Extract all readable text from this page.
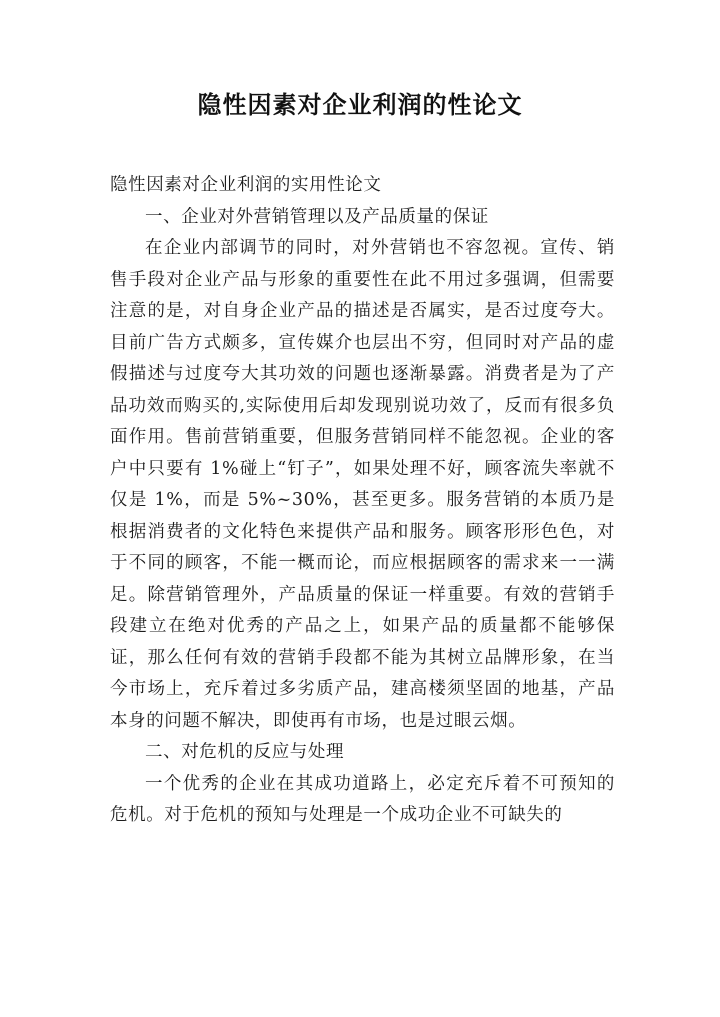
隐性因素对企业利润的性论文

隐性因素对企业利润的实用性论文

一、企业对外营销管理以及产品质量的保证

在企业内部调节的同时，对外营销也不容忽视。宣传、销售手段对企业产品与形象的重要性在此不用过多强调，但需要注意的是，对自身企业产品的描述是否属实，是否过度夸大。目前广告方式颇多，宣传媒介也层出不穷，但同时对产品的虚假描述与过度夸大其功效的问题也逐渐暴露。消费者是为了产品功效而购买的,实际使用后却发现别说功效了，反而有很多负面作用。售前营销重要，但服务营销同样不能忽视。企业的客户中只要有 1%碰上“钉子”，如果处理不好，顾客流失率就不仅是 1%，而是 5%~30%，甚至更多。服务营销的本质乃是根据消费者的文化特色来提供产品和服务。顾客形形色色，对于不同的顾客，不能一概而论，而应根据顾客的需求来一一满足。除营销管理外，产品质量的保证一样重要。有效的营销手段建立在绝对优秀的产品之上，如果产品的质量都不能够保证，那么任何有效的营销手段都不能为其树立品牌形象，在当今市场上，充斥着过多劣质产品，建高楼须坚固的地基，产品本身的问题不解决，即使再有市场，也是过眼云烟。

二、对危机的反应与处理

一个优秀的企业在其成功道路上，必定充斥着不可预知的危机。对于危机的预知与处理是一个成功企业不可缺失的
